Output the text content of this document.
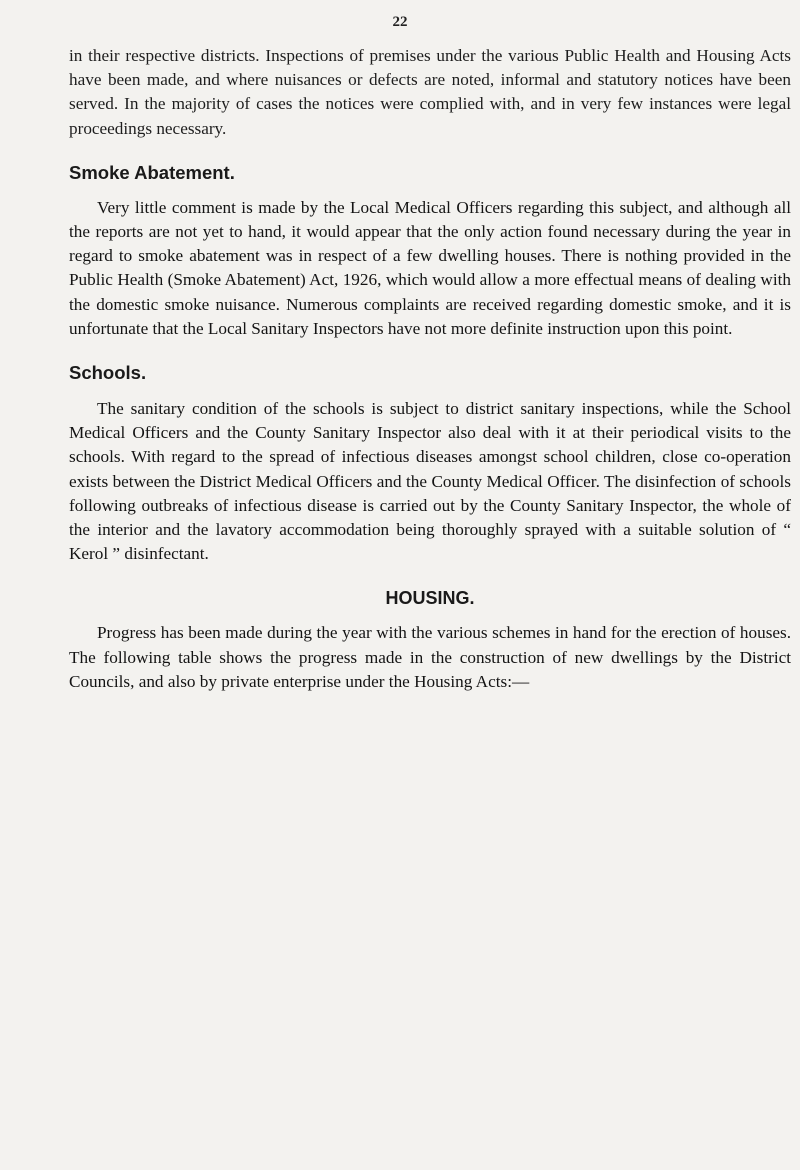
22

in their respective districts. Inspections of premises under the various Public Health and Housing Acts have been made, and where nuisances or defects are noted, informal and statutory notices have been served. In the majority of cases the notices were complied with, and in very few instances were legal proceedings necessary.

Smoke Abatement.

Very little comment is made by the Local Medical Officers regarding this subject, and although all the reports are not yet to hand, it would appear that the only action found necessary during the year in regard to smoke abatement was in respect of a few dwelling houses. There is nothing provided in the Public Health (Smoke Abatement) Act, 1926, which would allow a more effectual means of dealing with the domestic smoke nuisance. Numerous complaints are received regarding domestic smoke, and it is unfortunate that the Local Sanitary Inspectors have not more definite instruction upon this point.

Schools.

The sanitary condition of the schools is subject to district sanitary inspections, while the School Medical Officers and the County Sanitary Inspector also deal with it at their periodical visits to the schools. With regard to the spread of infectious diseases amongst school children, close co-operation exists between the District Medical Officers and the County Medical Officer. The disinfection of schools following outbreaks of infectious disease is carried out by the County Sanitary Inspector, the whole of the interior and the lavatory accommodation being thoroughly sprayed with a suitable solution of “ Kerol ” disinfectant.

HOUSING.

Progress has been made during the year with the various schemes in hand for the erection of houses. The following table shows the progress made in the construction of new dwellings by the District Councils, and also by private enterprise under the Housing Acts:—
